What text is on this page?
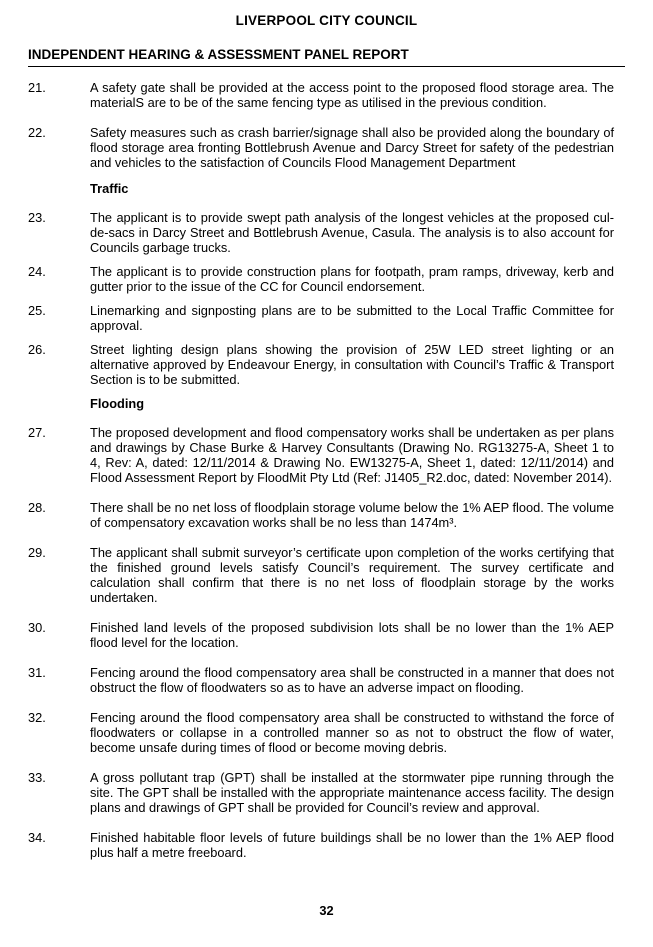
LIVERPOOL CITY COUNCIL
INDEPENDENT HEARING & ASSESSMENT PANEL REPORT
21.	A safety gate shall be provided at the access point to the proposed flood storage area. The materialS are to be of the same fencing type as utilised in the previous condition.
22.	Safety measures such as crash barrier/signage shall also be provided along the boundary of flood storage area fronting Bottlebrush Avenue and Darcy Street for safety of the pedestrian and vehicles to the satisfaction of Councils Flood Management Department
Traffic
23.	The applicant is to provide swept path analysis of the longest vehicles at the proposed cul-de-sacs in Darcy Street and Bottlebrush Avenue, Casula. The analysis is to also account for Councils garbage trucks.
24.	The applicant is to provide construction plans for footpath, pram ramps, driveway, kerb and gutter prior to the issue of the CC for Council endorsement.
25.	Linemarking and signposting plans are to be submitted to the Local Traffic Committee for approval.
26.	Street lighting design plans showing the provision of 25W LED street lighting or an alternative approved by Endeavour Energy, in consultation with Council’s Traffic & Transport Section is to be submitted.
Flooding
27.	The proposed development and flood compensatory works shall be undertaken as per plans and drawings by Chase Burke & Harvey Consultants (Drawing No. RG13275-A, Sheet 1 to 4, Rev: A, dated: 12/11/2014 & Drawing No. EW13275-A, Sheet 1, dated: 12/11/2014) and Flood Assessment Report by FloodMit Pty Ltd (Ref: J1405_R2.doc, dated: November 2014).
28.	There shall be no net loss of floodplain storage volume below the 1% AEP flood. The volume of compensatory excavation works shall be no less than 1474m³.
29.	The applicant shall submit surveyor’s certificate upon completion of the works certifying that the finished ground levels satisfy Council’s requirement. The survey certificate and calculation shall confirm that there is no net loss of floodplain storage by the works undertaken.
30.	Finished land levels of the proposed subdivision lots shall be no lower than the 1% AEP flood level for the location.
31.	Fencing around the flood compensatory area shall be constructed in a manner that does not obstruct the flow of floodwaters so as to have an adverse impact on flooding.
32.	Fencing around the flood compensatory area shall be constructed to withstand the force of floodwaters or collapse in a controlled manner so as not to obstruct the flow of water, become unsafe during times of flood or become moving debris.
33.	A gross pollutant trap (GPT) shall be installed at the stormwater pipe running through the site. The GPT shall be installed with the appropriate maintenance access facility. The design plans and drawings of GPT shall be provided for Council’s review and approval.
34.	Finished habitable floor levels of future buildings shall be no lower than the 1% AEP flood plus half a metre freeboard.
32
